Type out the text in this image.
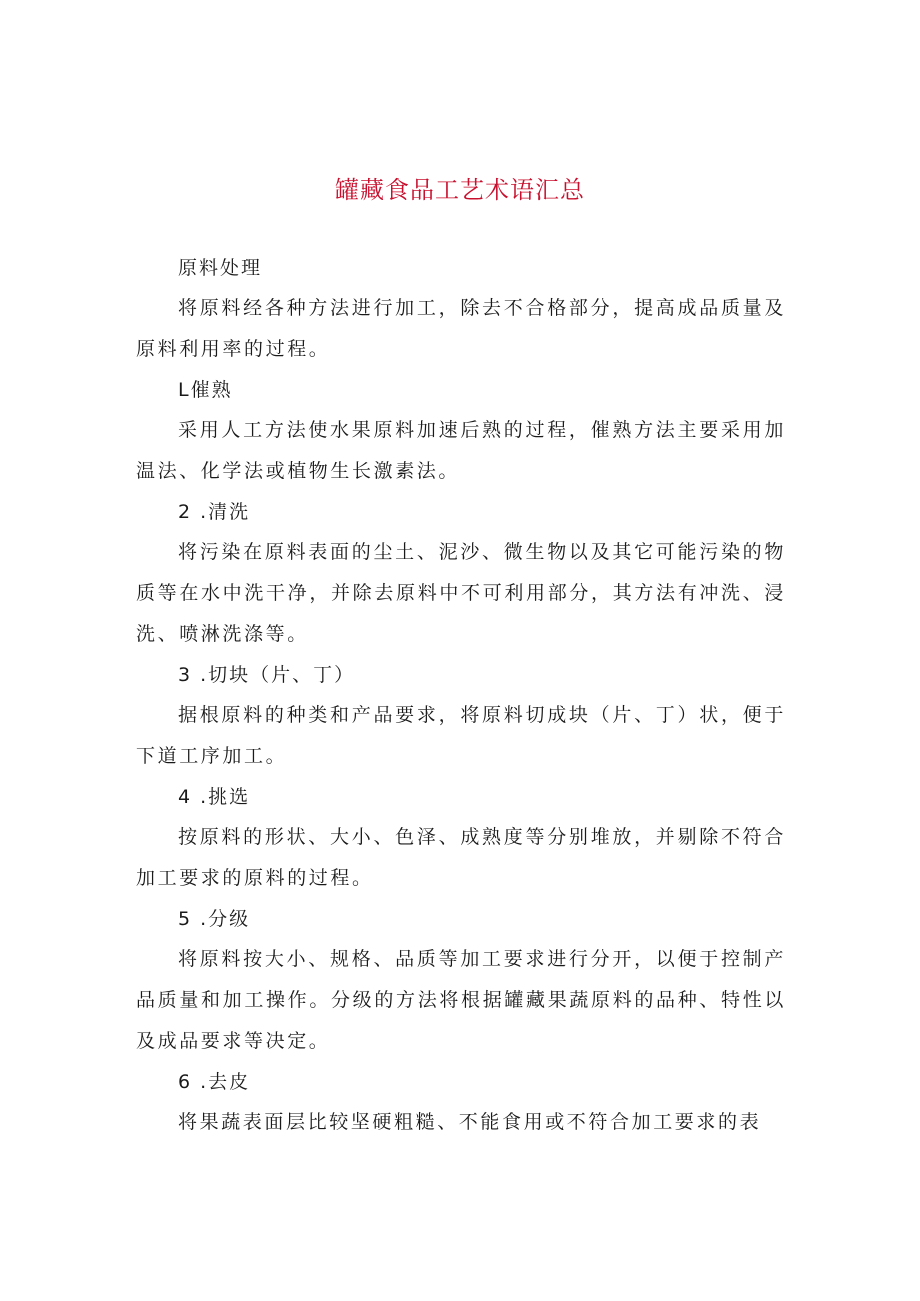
罐藏食品工艺术语汇总
原料处理

将原料经各种方法进行加工，除去不合格部分，提高成品质量及原料利用率的过程。

L催熟

采用人工方法使水果原料加速后熟的过程，催熟方法主要采用加温法、化学法或植物生长激素法。

2 .清洗

将污染在原料表面的尘土、泥沙、微生物以及其它可能污染的物质等在水中洗干净，并除去原料中不可利用部分，其方法有冲洗、浸洗、喷淋洗涤等。

3 .切块（片、丁）

据根原料的种类和产品要求，将原料切成块（片、丁）状，便于下道工序加工。

4 .挑选

按原料的形状、大小、色泽、成熟度等分别堆放，并剔除不符合加工要求的原料的过程。

5 .分级

将原料按大小、规格、品质等加工要求进行分开，以便于控制产品质量和加工操作。分级的方法将根据罐藏果蔬原料的品种、特性以及成品要求等决定。

6 .去皮

将果蔬表面层比较坚硬粗糙、不能食用或不符合加工要求的表
